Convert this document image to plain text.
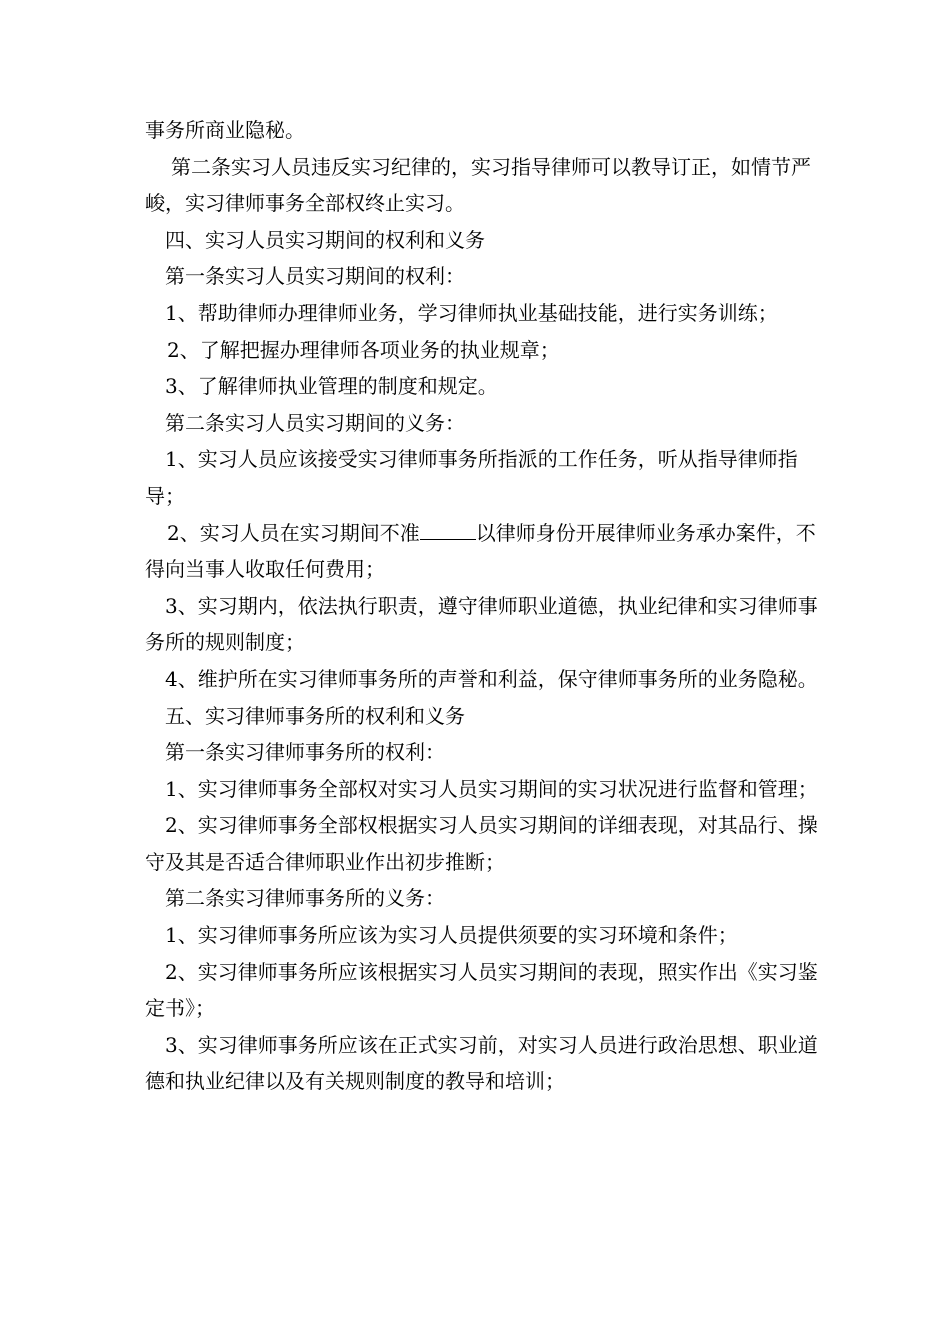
事务所商业隐秘。

第二条实习人员违反实习纪律的，实习指导律师可以教导订正，如情节严峻，实习律师事务全部权终止实习。

四、实习人员实习期间的权利和义务

第一条实习人员实习期间的权利：

1、帮助律师办理律师业务，学习律师执业基础技能，进行实务训练；

2、了解把握办理律师各项业务的执业规章；

3、了解律师执业管理的制度和规定。

第二条实习人员实习期间的义务：

1、实习人员应该接受实习律师事务所指派的工作任务，听从指导律师指导；

2、实习人员在实习期间不准	以律师身份开展律师业务承办案件，不得向当事人收取任何费用；

3、实习期内，依法执行职责，遵守律师职业道德，执业纪律和实习律师事务所的规则制度；

4、维护所在实习律师事务所的声誉和利益，保守律师事务所的业务隐秘。

五、实习律师事务所的权利和义务

第一条实习律师事务所的权利：

1、实习律师事务全部权对实习人员实习期间的实习状况进行监督和管理；

2、实习律师事务全部权根据实习人员实习期间的详细表现，对其品行、操守及其是否适合律师职业作出初步推断；

第二条实习律师事务所的义务：

1、实习律师事务所应该为实习人员提供须要的实习环境和条件；

2、实习律师事务所应该根据实习人员实习期间的表现，照实作出《实习鉴定书》；

3、实习律师事务所应该在正式实习前，对实习人员进行政治思想、职业道德和执业纪律以及有关规则制度的教导和培训；
